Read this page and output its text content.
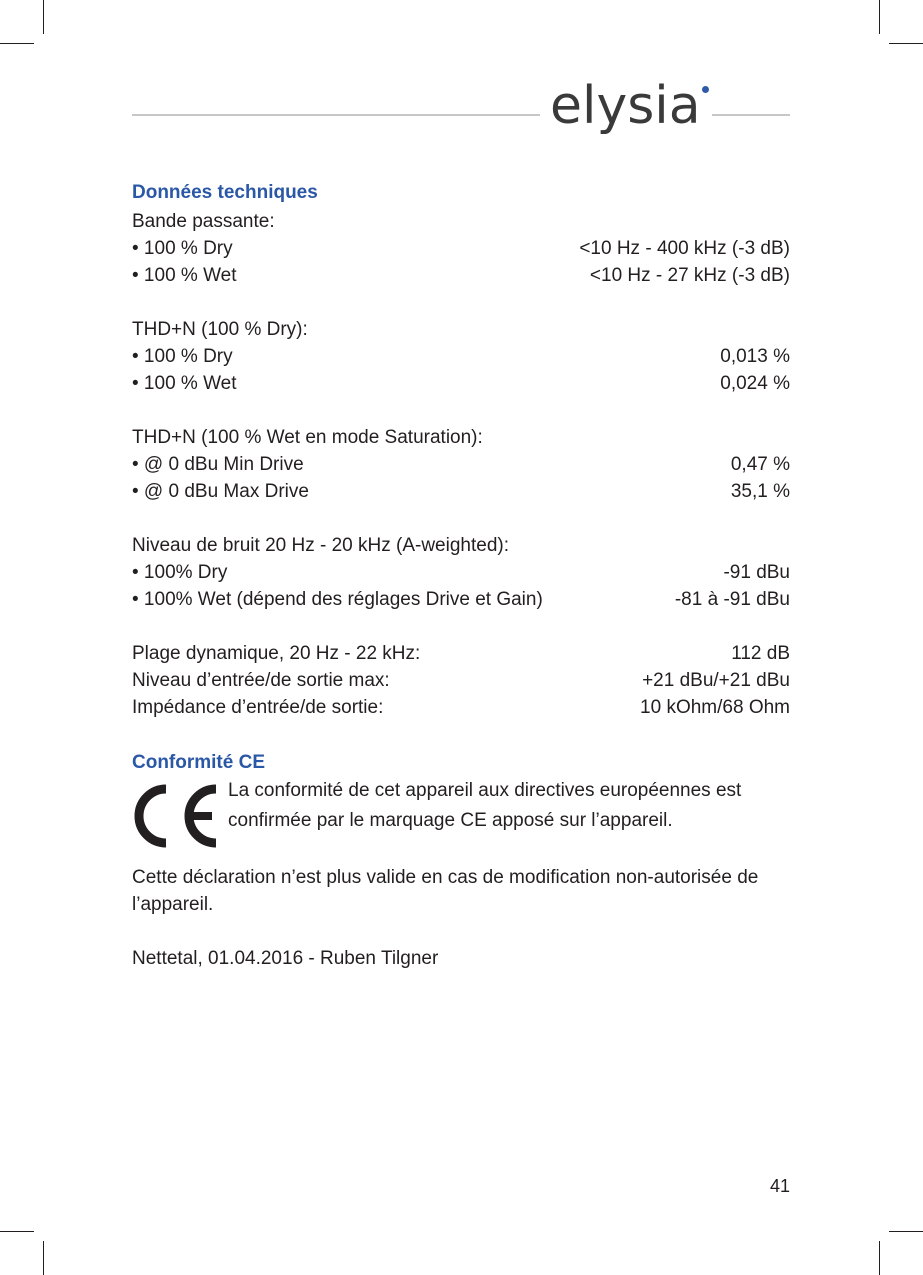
elysia
Données techniques
Bande passante:
• 100 % Dry	<10 Hz - 400 kHz (-3 dB)
• 100 % Wet	<10 Hz - 27 kHz (-3 dB)
THD+N (100 % Dry):
• 100 % Dry	0,013 %
• 100 % Wet	0,024 %
THD+N (100 % Wet en mode Saturation):
• @ 0 dBu Min Drive	0,47 %
• @ 0 dBu Max Drive	35,1 %
Niveau de bruit 20 Hz - 20 kHz (A-weighted):
• 100% Dry	-91 dBu
• 100% Wet (dépend des réglages Drive et Gain)	-81 à -91 dBu
Plage dynamique, 20 Hz - 22 kHz:	112 dB
Niveau d’entrée/de sortie max:	+21 dBu/+21 dBu
Impédance d’entrée/de sortie:	10 kOhm/68 Ohm
Conformité CE
La conformité de cet appareil aux directives européennes est
confirmée par le marquage CE apposé sur l’appareil.
Cette déclaration n’est plus valide en cas de modification non-autorisée de l’appareil.
Nettetal, 01.04.2016 - Ruben Tilgner
41
